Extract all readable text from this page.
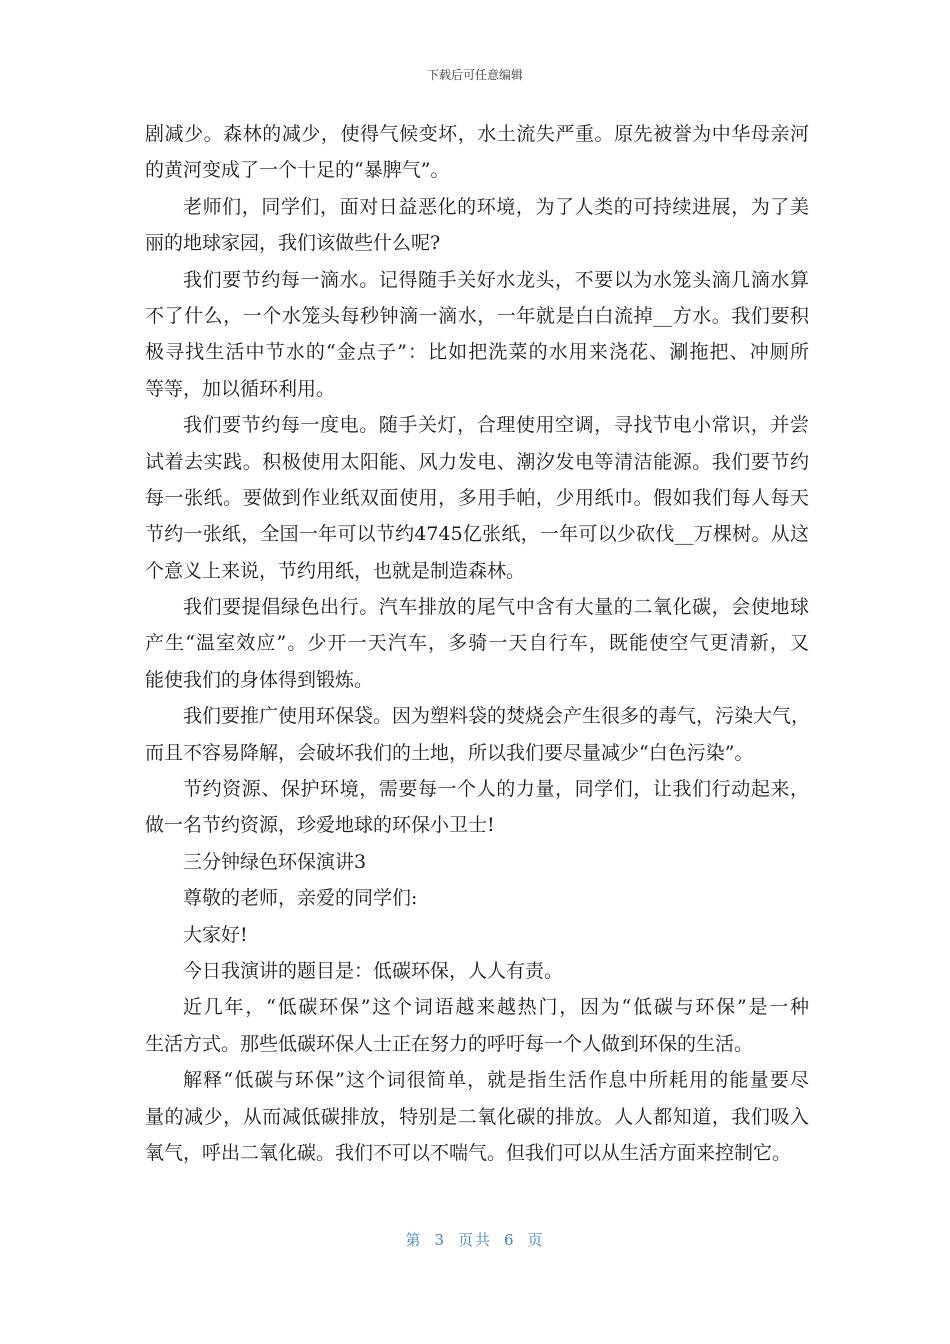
下载后可任意编辑
剧减少。森林的减少，使得气候变坏，水土流失严重。原先被誉为中华母亲河
的黄河变成了一个十足的“暴脾气”。
老师们，同学们，面对日益恶化的环境，为了人类的可持续进展，为了美
丽的地球家园，我们该做些什么呢?
我们要节约每一滴水。记得随手关好水龙头，不要以为水笼头滴几滴水算
不了什么，一个水笼头每秒钟滴一滴水，一年就是白白流掉__方水。我们要积
极寻找生活中节水的“金点子”：比如把洗菜的水用来浇花、涮拖把、冲厕所
等等，加以循环利用。
我们要节约每一度电。随手关灯，合理使用空调，寻找节电小常识，并尝
试着去实践。积极使用太阳能、风力发电、潮汐发电等清洁能源。我们要节约
每一张纸。要做到作业纸双面使用，多用手帕，少用纸巾。假如我们每人每天
节约一张纸，全国一年可以节约4745亿张纸，一年可以少砍伐__万棵树。从这
个意义上来说，节约用纸，也就是制造森林。
我们要提倡绿色出行。汽车排放的尾气中含有大量的二氧化碳，会使地球
产生“温室效应”。少开一天汽车，多骑一天自行车，既能使空气更清新，又
能使我们的身体得到锻炼。
我们要推广使用环保袋。因为塑料袋的焚烧会产生很多的毒气，污染大气，
而且不容易降解，会破坏我们的土地，所以我们要尽量减少“白色污染”。
节约资源、保护环境，需要每一个人的力量，同学们，让我们行动起来，
做一名节约资源，珍爱地球的环保小卫士!
三分钟绿色环保演讲3
尊敬的老师，亲爱的同学们:
大家好!
今日我演讲的题目是：低碳环保，人人有责。
近几年，“低碳环保”这个词语越来越热门，因为“低碳与环保”是一种
生活方式。那些低碳环保人士正在努力的呼吁每一个人做到环保的生活。
解释“低碳与环保”这个词很简单，就是指生活作息中所耗用的能量要尽
量的减少，从而减低碳排放，特别是二氧化碳的排放。人人都知道，我们吸入
氧气，呼出二氧化碳。我们不可以不喘气。但我们可以从生活方面来控制它。
第 3 页共 6 页
